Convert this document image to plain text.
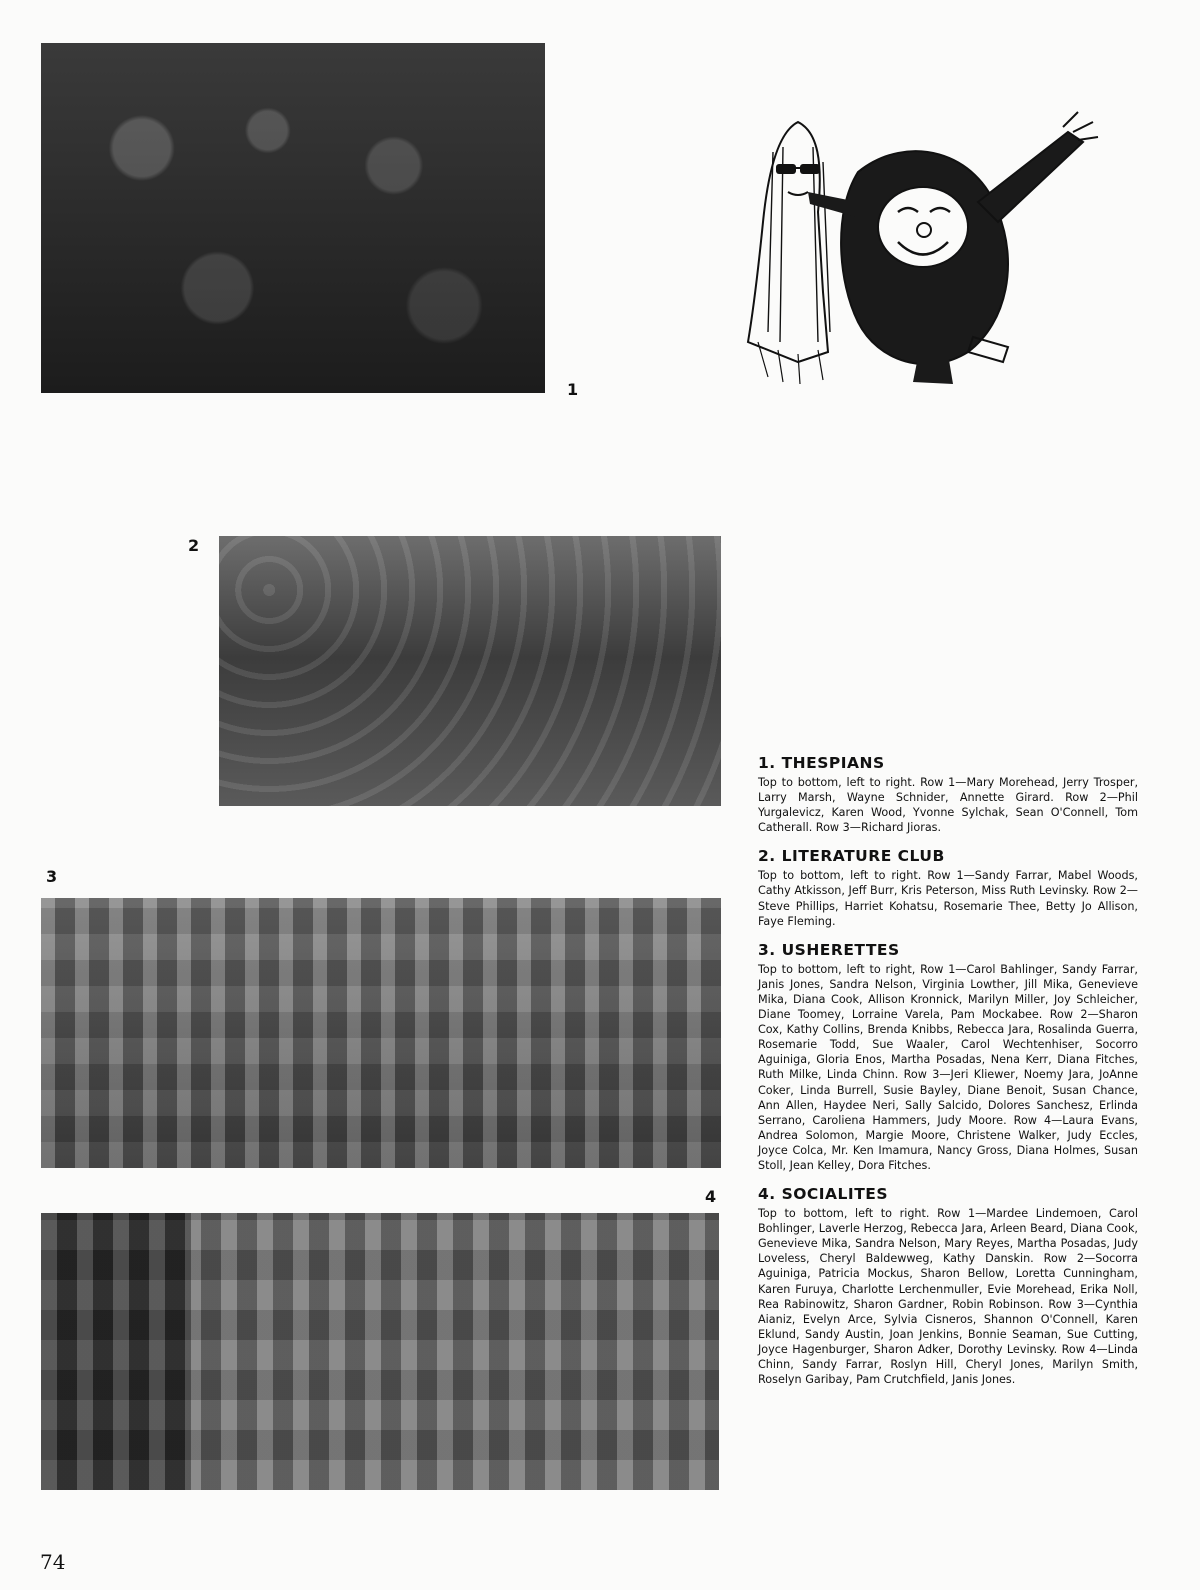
1
2
3
4
1. THESPIANS
Top to bottom, left to right. Row 1—Mary Morehead, Jerry Trosper, Larry Marsh, Wayne Schnider, Annette Girard. Row 2—Phil Yurgalevicz, Karen Wood, Yvonne Sylchak, Sean O'Connell, Tom Catherall. Row 3—Richard Jioras.
2. LITERATURE CLUB
Top to bottom, left to right. Row 1—Sandy Farrar, Mabel Woods, Cathy Atkisson, Jeff Burr, Kris Peterson, Miss Ruth Levinsky. Row 2—Steve Phillips, Harriet Kohatsu, Rosemarie Thee, Betty Jo Allison, Faye Fleming.
3. USHERETTES
Top to bottom, left to right, Row 1—Carol Bahlinger, Sandy Farrar, Janis Jones, Sandra Nelson, Virginia Lowther, Jill Mika, Genevieve Mika, Diana Cook, Allison Kronnick, Marilyn Miller, Joy Schleicher, Diane Toomey, Lorraine Varela, Pam Mockabee. Row 2—Sharon Cox, Kathy Collins, Brenda Knibbs, Rebecca Jara, Rosalinda Guerra, Rosemarie Todd, Sue Waaler, Carol Wechtenhiser, Socorro Aguiniga, Gloria Enos, Martha Posadas, Nena Kerr, Diana Fitches, Ruth Milke, Linda Chinn. Row 3—Jeri Kliewer, Noemy Jara, JoAnne Coker, Linda Burrell, Susie Bayley, Diane Benoit, Susan Chance, Ann Allen, Haydee Neri, Sally Salcido, Dolores Sanchesz, Erlinda Serrano, Caroliena Hammers, Judy Moore. Row 4—Laura Evans, Andrea Solomon, Margie Moore, Christene Walker, Judy Eccles, Joyce Colca, Mr. Ken Imamura, Nancy Gross, Diana Holmes, Susan Stoll, Jean Kelley, Dora Fitches.
4. SOCIALITES
Top to bottom, left to right. Row 1—Mardee Lindemoen, Carol Bohlinger, Laverle Herzog, Rebecca Jara, Arleen Beard, Diana Cook, Genevieve Mika, Sandra Nelson, Mary Reyes, Martha Posadas, Judy Loveless, Cheryl Baldewweg, Kathy Danskin. Row 2—Socorra Aguiniga, Patricia Mockus, Sharon Bellow, Loretta Cunningham, Karen Furuya, Charlotte Lerchenmuller, Evie Morehead, Erika Noll, Rea Rabinowitz, Sharon Gardner, Robin Robinson. Row 3—Cynthia Aianiz, Evelyn Arce, Sylvia Cisneros, Shannon O'Connell, Karen Eklund, Sandy Austin, Joan Jenkins, Bonnie Seaman, Sue Cutting, Joyce Hagenburger, Sharon Adker, Dorothy Levinsky. Row 4—Linda Chinn, Sandy Farrar, Roslyn Hill, Cheryl Jones, Marilyn Smith, Roselyn Garibay, Pam Crutchfield, Janis Jones.
74
